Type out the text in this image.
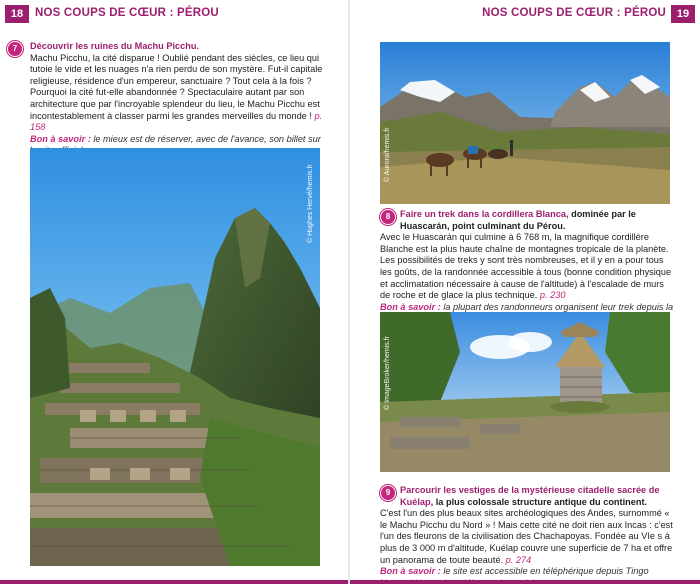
18	NOS COUPS DE CŒUR : PÉROU
7	Découvrir les ruines du Machu Picchu.
Machu Picchu, la cité disparue ! Oublié pendant des siècles, ce lieu qui tutoie le vide et les nuages n'a rien perdu de son mystère. Fut-il capitale religieuse, résidence d'un empereur, sanctuaire ? Tout cela à la fois ? Pourquoi la cité fut-elle abandonnée ? Spectaculaire autant par son architecture que par l'incroyable splendeur du lieu, le Machu Picchu est incontestablement à classer parmi les grandes merveilles du monde ! p. 158
Bon à savoir : le mieux est de réserver, avec de l'avance, son billet sur

© Hughes Hervé/hemis.fr
NOS COUPS DE CŒUR : PÉROU 19
© Aurora/hemis.fr
8	Faire un trek dans la cordillera Blanca, dominée par le Huascarán, point culminant du Pérou.
Avec le Huascarán qui culmine à 6 768 m, la magnifique cordillère Blanche est la plus haute chaîne de montagnes tropicale de la planète. Les possibilités de treks y sont très nombreuses, et il y en a pour tous les goûts, de la randonnée accessible à tous (bonne condition physique et acclimatation nécessaire à cause de l'altitude) à l'escalade de murs de roche et de glace la plus technique. p. 230
Bon à savoir : la plupart des randonneurs organisent leur trek depuis la
© ImageBroker/hemis.fr
9	Parcourir les vestiges de la mystérieuse citadelle sacrée de Kuélap, la plus colossale structure antique du continent.
C'est l'un des plus beaux sites archéologiques des Andes, surnommé « le Machu Picchu du Nord » ! Mais cette cité ne doit rien aux Incas : c'est l'un des fleurons de la civilisation des Chachapoyas. Fondée au VIe s à plus de 3 000 m d'altitude, Kuélap couvre une superficie de 7 ha et offre un panorama de toute beauté. p. 274
Bon à savoir : le site est accessible en téléphérique depuis Tingo
